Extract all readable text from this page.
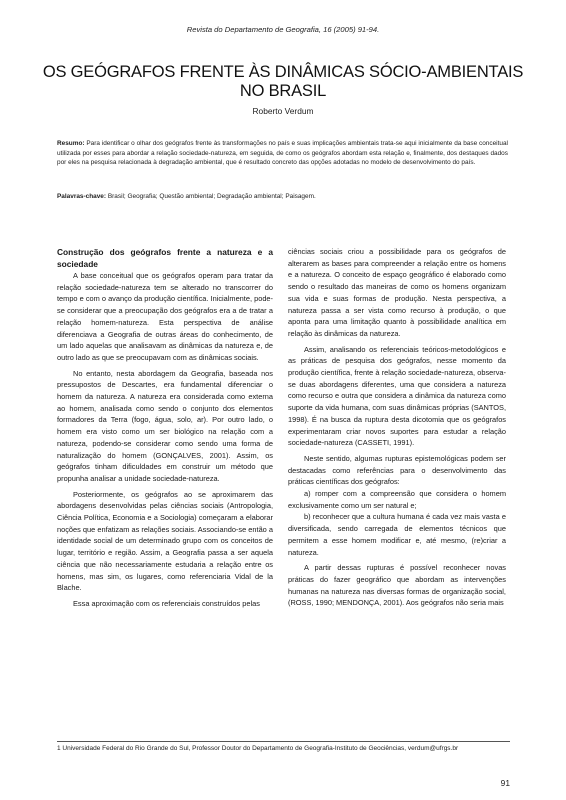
Revista do Departamento de Geografia, 16 (2005) 91-94.
OS GEÓGRAFOS FRENTE ÀS DINÂMICAS SÓCIO-AMBIENTAIS NO BRASIL
Roberto Verdum
Resumo: Para identificar o olhar dos geógrafos frente às transformações no país e suas implicações ambientais trata-se aqui inicialmente da base conceitual utilizada por esses para abordar a relação sociedade-natureza, em seguida, de como os geógrafos abordam esta relação e, finalmente, dos destaques dados por eles na pesquisa relacionada à degradação ambiental, que é resultado concreto das opções adotadas no modelo de desenvolvimento do país.
Palavras-chave: Brasil; Geografia; Questão ambiental; Degradação ambiental; Paisagem.
Construção dos geógrafos frente a natureza e a sociedade

A base conceitual que os geógrafos operam para tratar da relação sociedade-natureza tem se alterado no transcorrer do tempo e com o avanço da produção científica. Inicialmente, pode-se considerar que a preocupação dos geógrafos era a de tratar a relação homem-natureza. Esta perspectiva de análise diferenciava a Geografia de outras áreas do conhecimento, de um lado aquelas que analisavam as dinâmicas da natureza e, de outro lado as que se preocupavam com as dinâmicas sociais.

No entanto, nesta abordagem da Geografia, baseada nos pressupostos de Descartes, era fundamental diferenciar o homem da natureza. A natureza era considerada como externa ao homem, analisada como sendo o conjunto dos elementos formadores da Terra (fogo, água, solo, ar). Por outro lado, o homem era visto como um ser biológico na relação com a natureza, podendo-se considerar como sendo uma forma de naturalização do homem (GONÇALVES, 2001). Assim, os geógrafos tinham dificuldades em construir um método que propunha analisar a unidade sociedade-natureza.

Posteriormente, os geógrafos ao se aproximarem das abordagens desenvolvidas pelas ciências sociais (Antropologia, Ciência Política, Economia e a Sociologia) começaram a elaborar noções que enfatizam as relações sociais. Associando-se então a identidade social de um determinado grupo com os conceitos de lugar, território e região. Assim, a Geografia passa a ser aquela ciência que não necessariamente estudaria a relação entre os homens, mas sim, os lugares, como referenciaria Vidal de la Blache.

Essa aproximação com os referenciais construídos pelas

ciências sociais criou a possibilidade para os geógrafos de alterarem as bases para compreender a relação entre os homens e a natureza. O conceito de espaço geográfico é elaborado como sendo o resultado das maneiras de como os homens organizam sua vida e suas formas de produção. Nesta perspectiva, a natureza passa a ser vista como recurso à produção, o que aponta para uma limitação quanto à possibilidade analítica em relação às dinâmicas da natureza.

Assim, analisando os referenciais teóricos-metodológicos e as práticas de pesquisa dos geógrafos, nesse momento da produção científica, frente à relação sociedade-natureza, observa-se duas abordagens diferentes, uma que considera a natureza como recurso e outra que considera a dinâmica da natureza como suporte da vida humana, com suas dinâmicas próprias (SANTOS, 1998). É na busca da ruptura desta dicotomia que os geógrafos experimentaram criar novos suportes para estudar a relação sociedade-natureza (CASSETI, 1991).

Neste sentido, algumas rupturas epistemológicas podem ser destacadas como referências para o desenvolvimento das práticas científicas dos geógrafos:

a) romper com a compreensão que considera o homem exclusivamente como um ser natural e;

b) reconhecer que a cultura humana é cada vez mais vasta e diversificada, sendo carregada de elementos técnicos que permitem a esse homem modificar e, até mesmo, (re)criar a natureza.

A partir dessas rupturas é possível reconhecer novas práticas do fazer geográfico que abordam as intervenções humanas na natureza nas diversas formas de organização social, (ROSS, 1990; MENDONÇA, 2001). Aos geógrafos não seria mais

1 Universidade Federal do Rio Grande do Sul, Professor Doutor do Departamento de Geografia-Instituto de Geociências, verdum@ufrgs.br
91
